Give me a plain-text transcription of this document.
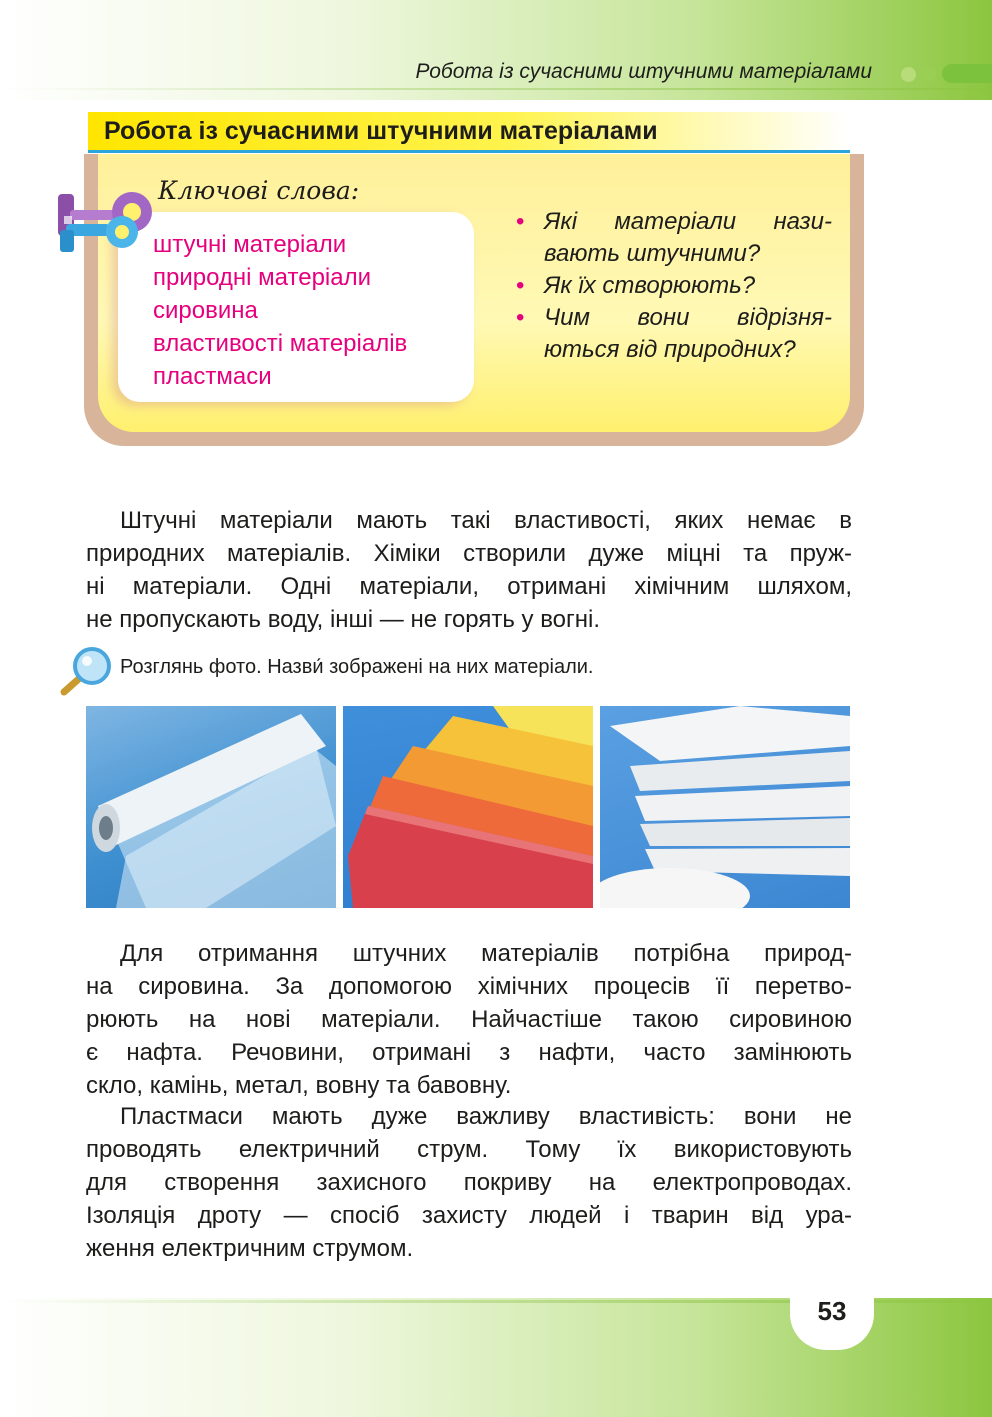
Робота із сучасними штучними матеріалами
Робота із сучасними штучними матеріалами
Ключові слова:
штучні матеріали
природні матеріали
сировина
властивості матеріалів
пластмаси
• Які матеріали нази-
вають штучними?
• Як їх створюють?
• Чим вони відрізня-
ються від природних?
Штучні матеріали мають такі властивості, яких немає в
природних матеріалів. Хіміки створили дуже міцні та пруж-
ні матеріали. Одні матеріали, отримані хімічним шляхом,
не пропускають воду, інші — не горять у вогні.
Розглянь фото. Назви́ зображені на них матеріали.
Для отримання штучних матеріалів потрібна природ-
на сировина. За допомогою хімічних процесів її перетво-
рюють на нові матеріали. Найчастіше такою сировиною
є нафта. Речовини, отримані з нафти, часто замінюють
скло, камінь, метал, вовну та бавовну.
Пластмаси мають дуже важливу властивість: вони не
проводять електричний струм. Тому їх використовують
для створення захисного покриву на електропроводах.
Ізоляція дроту — спосіб захисту людей і тварин від ура-
ження електричним струмом.
53
